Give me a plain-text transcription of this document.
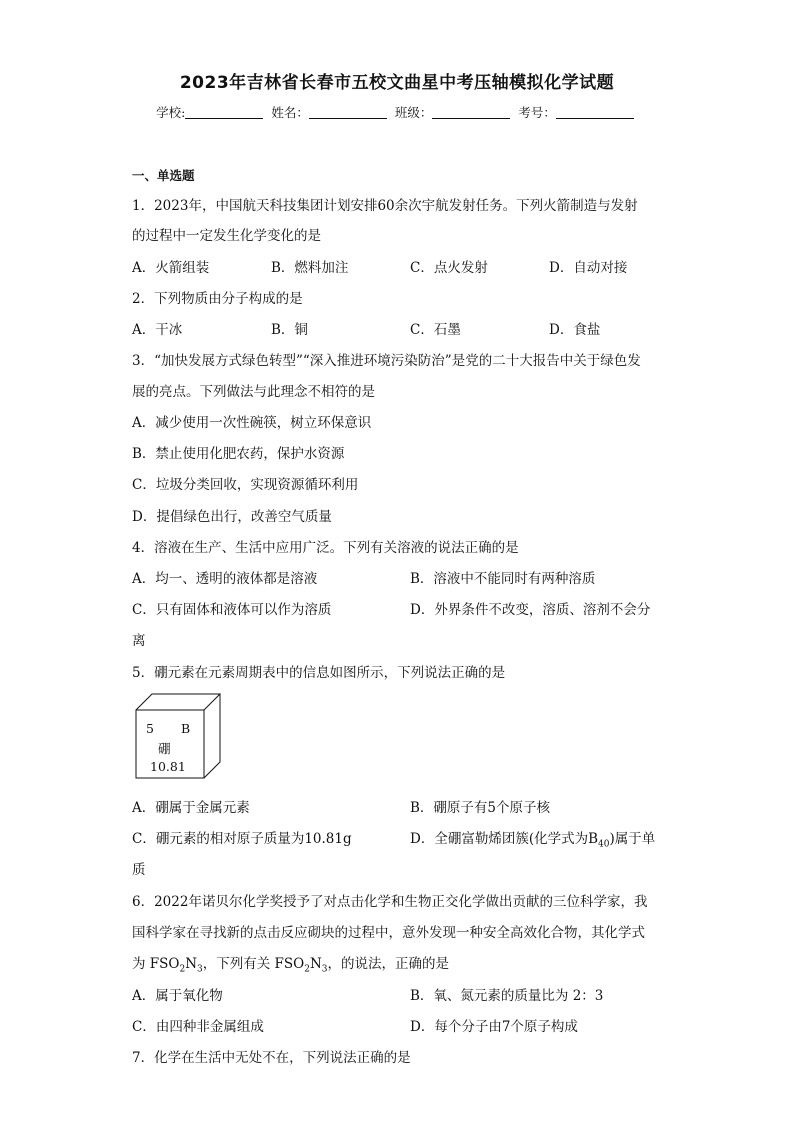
2023年吉林省长春市五校文曲星中考压轴模拟化学试题
学校:	姓名：	班级：	考号：
一、单选题
1．2023年，中国航天科技集团计划安排60余次宇航发射任务。下列火箭制造与发射
的过程中一定发生化学变化的是
A．火箭组装	B．燃料加注	C．点火发射	D．自动对接
2．下列物质由分子构成的是
A．干冰	B．铜	C．石墨	D．食盐
3．“加快发展方式绿色转型”“深入推进环境污染防治”是党的二十大报告中关于绿色发
展的亮点。下列做法与此理念不相符的是
A．减少使用一次性碗筷，树立环保意识
B．禁止使用化肥农药，保护水资源
C．垃圾分类回收，实现资源循环利用
D．提倡绿色出行，改善空气质量
4．溶液在生产、生活中应用广泛。下列有关溶液的说法正确的是
A．均一、透明的液体都是溶液	B．溶液中不能同时有两种溶质
C．只有固体和液体可以作为溶质	D．外界条件不改变，溶质、溶剂不会分
离
5．硼元素在元素周期表中的信息如图所示，下列说法正确的是
5 B
硼
10.81
A．硼属于金属元素	B．硼原子有5个原子核
C．硼元素的相对原子质量为10.81g	D．全硼富勒烯团簇(化学式为$B_{40}$)属于单
质
6．2022年诺贝尔化学奖授予了对点击化学和生物正交化学做出贡献的三位科学家，我
国科学家在寻找新的点击反应砌块的过程中，意外发现一种安全高效化合物，其化学式
为 $FSO_2N_3$，下列有关 $FSO_2N_3$，的说法，正确的是
A．属于氧化物	B．氧、氮元素的质量比为 2：3
C．由四种非金属组成	D．每个分子由7个原子构成
7．化学在生活中无处不在，下列说法正确的是
